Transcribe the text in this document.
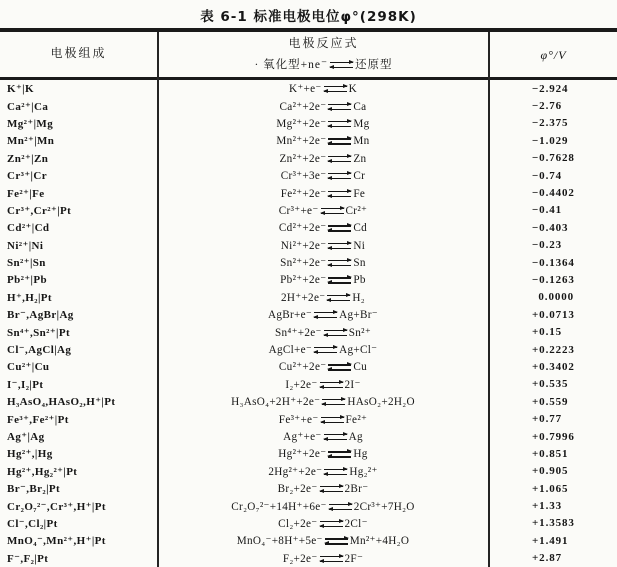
表 6-1 标准电极电位φ°(298K)
电极组成
电极反应式
· 氧化型+ne⁻ 还原型
φ°/V
K⁺|K	K⁺+e⁻ K	−2.924
Ca²⁺|Ca	Ca²⁺+2e⁻ Ca	−2.76
Mg²⁺|Mg	Mg²⁺+2e⁻ Mg	−2.375
Mn²⁺|Mn	Mn²⁺+2e⁻ Mn	−1.029
Zn²⁺|Zn	Zn²⁺+2e⁻ Zn	−0.7628
Cr³⁺|Cr	Cr³⁺+3e⁻ Cr	−0.74
Fe²⁺|Fe	Fe²⁺+2e⁻ Fe	−0.4402
Cr³⁺,Cr²⁺|Pt	Cr³⁺+e⁻ Cr²⁺	−0.41
Cd²⁺|Cd	Cd²⁺+2e⁻ Cd	−0.403
Ni²⁺|Ni	Ni²⁺+2e⁻ Ni	−0.23
Sn²⁺|Sn	Sn²⁺+2e⁻ Sn	−0.1364
Pb²⁺|Pb	Pb²⁺+2e⁻ Pb	−0.1263
H⁺,H₂|Pt	2H⁺+2e⁻ H₂	 0.0000
Br⁻,AgBr|Ag	AgBr+e⁻ Ag+Br⁻	+0.0713
Sn⁴⁺,Sn²⁺|Pt	Sn⁴⁺+2e⁻ Sn²⁺	+0.15
Cl⁻,AgCl|Ag	AgCl+e⁻ Ag+Cl⁻	+0.2223
Cu²⁺|Cu	Cu²⁺+2e⁻ Cu	+0.3402
I⁻,I₂|Pt	I₂+2e⁻ 2I⁻	+0.535
H₃AsO₄,HAsO₂,H⁺|Pt	H₃AsO₄+2H⁺+2e⁻ HAsO₂+2H₂O	+0.559
Fe³⁺,Fe²⁺|Pt	Fe³⁺+e⁻ Fe²⁺	+0.77
Ag⁺|Ag	Ag⁺+e⁻ Ag	+0.7996
Hg²⁺,|Hg	Hg²⁺+2e⁻ Hg	+0.851
Hg²⁺,Hg₂²⁺|Pt	2Hg²⁺+2e⁻ Hg₂²⁺	+0.905
Br⁻,Br₂|Pt	Br₂+2e⁻ 2Br⁻	+1.065
Cr₂O₇²⁻,Cr³⁺,H⁺|Pt	Cr₂O₇²⁻+14H⁺+6e⁻ 2Cr³⁺+7H₂O	+1.33
Cl⁻,Cl₂|Pt	Cl₂+2e⁻ 2Cl⁻	+1.3583
MnO₄⁻,Mn²⁺,H⁺|Pt	MnO₄⁻+8H⁺+5e⁻ Mn²⁺+4H₂O	+1.491
F⁻,F₂|Pt	F₂+2e⁻ 2F⁻	+2.87
